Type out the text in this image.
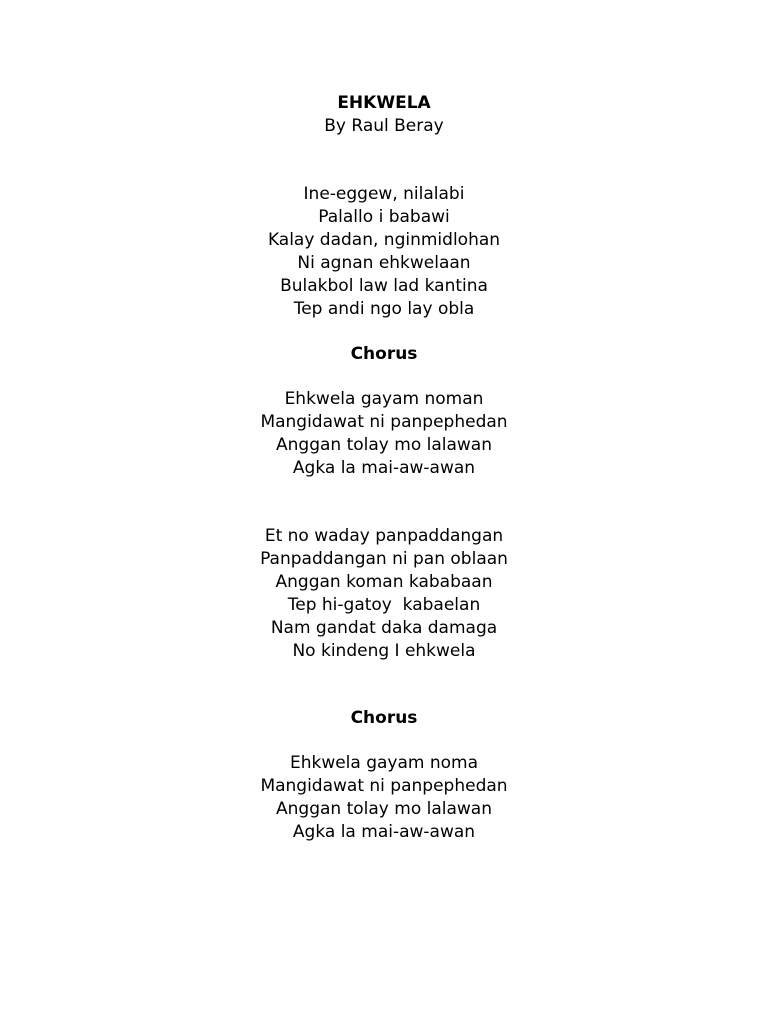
EHKWELA
By Raul Beray
Ine-eggew, nilalabi
Palallo i babawi
Kalay dadan, nginmidlohan
Ni agnan ehkwelaan
Bulakbol law lad kantina
Tep andi ngo lay obla
Chorus
Ehkwela gayam noman
Mangidawat ni panpephedan
Anggan tolay mo lalawan
Agka la mai-aw-awan
Et no waday panpaddangan
Panpaddangan ni pan oblaan
Anggan koman kababaan
Tep hi-gatoy  kabaelan
Nam gandat daka damaga
No kindeng I ehkwela
Chorus
Ehkwela gayam noma
Mangidawat ni panpephedan
Anggan tolay mo lalawan
Agka la mai-aw-awan
